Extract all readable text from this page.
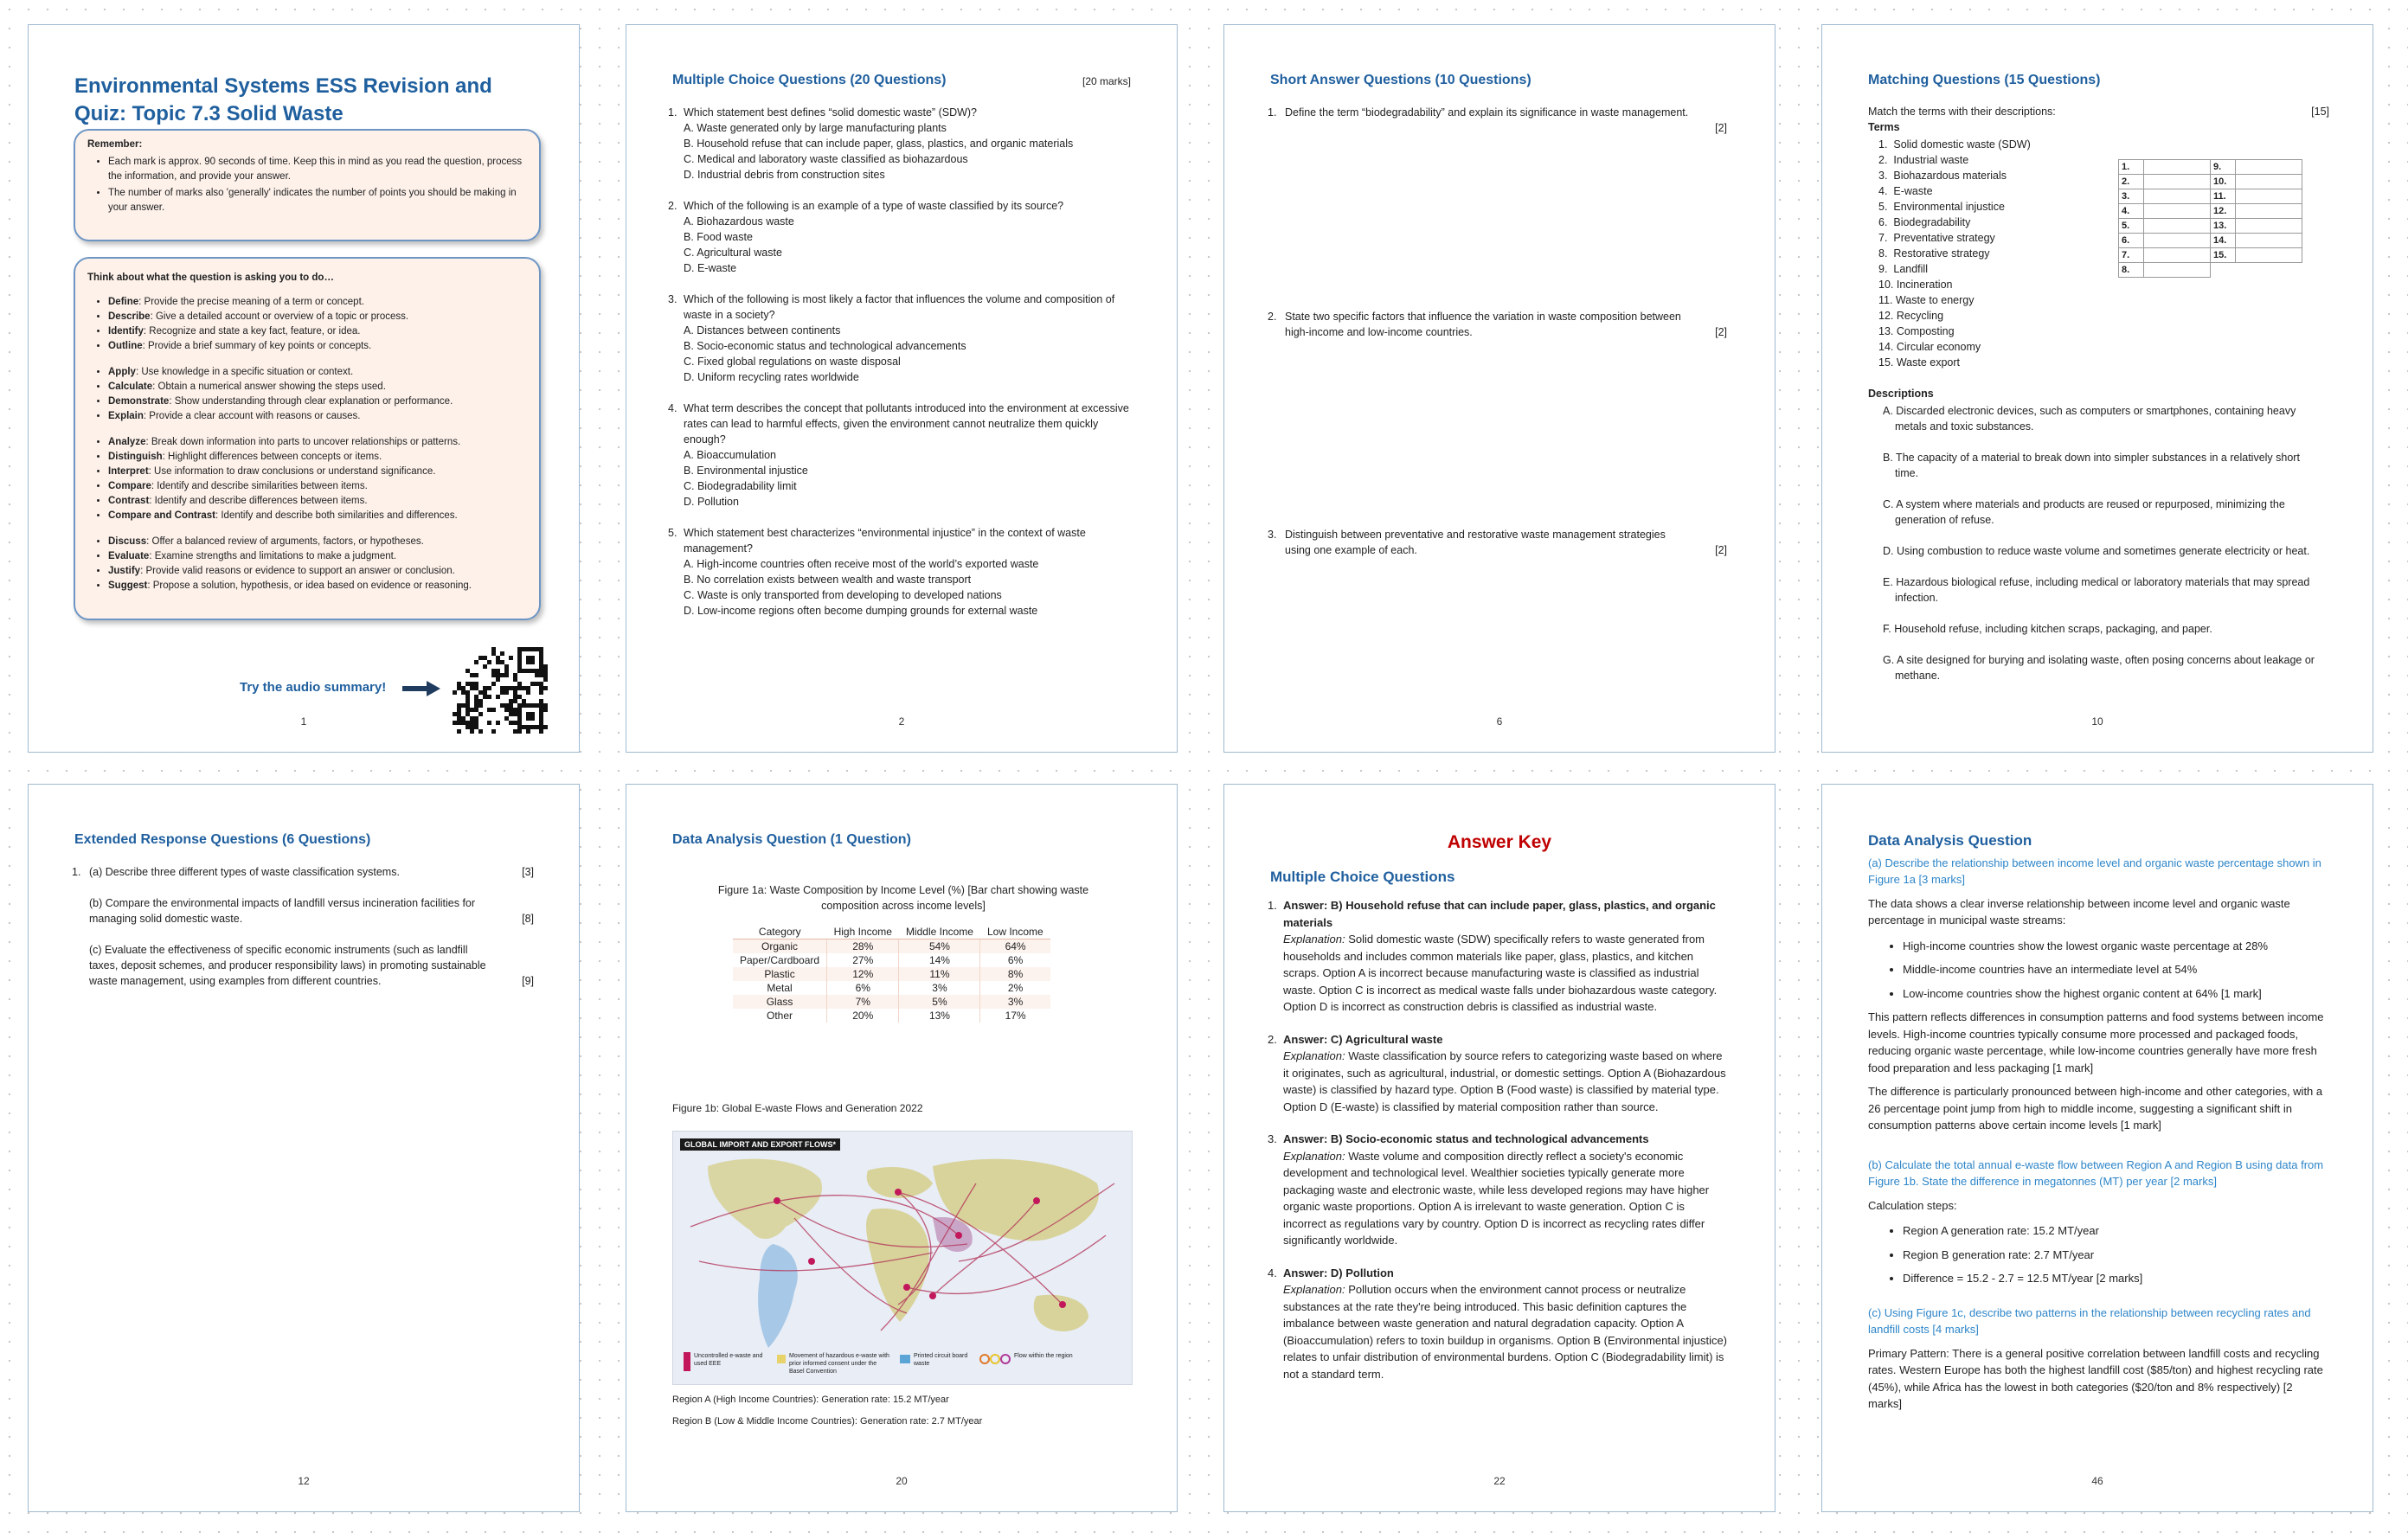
Environmental Systems ESS Revision and Quiz: Topic 7.3 Solid Waste
Remember:
• Each mark is approx. 90 seconds of time. Keep this in mind as you read the question, process the information, and provide your answer.
• The number of marks also 'generally' indicates the number of points you should be making in your answer.
Think about what the question is asking you to do…
• Define: Provide the precise meaning of a term or concept.
• Describe: Give a detailed account or overview of a topic or process.
• Identify: Recognize and state a key fact, feature, or idea.
• Outline: Provide a brief summary of key points or concepts.
• Apply: Use knowledge in a specific situation or context.
• Calculate: Obtain a numerical answer showing the steps used.
• Demonstrate: Show understanding through clear explanation or performance.
• Explain: Provide a clear account with reasons or causes.
• Analyze: Break down information into parts to uncover relationships or patterns.
• Distinguish: Highlight differences between concepts or items.
• Interpret: Use information to draw conclusions or understand significance.
• Compare: Identify and describe similarities between items.
• Contrast: Identify and describe differences between items.
• Compare and Contrast: Identify and describe both similarities and differences.
• Discuss: Offer a balanced review of arguments, factors, or hypotheses.
• Evaluate: Examine strengths and limitations to make a judgment.
• Justify: Provide valid reasons or evidence to support an answer or conclusion.
• Suggest: Propose a solution, hypothesis, or idea based on evidence or reasoning.
Try the audio summary!
1
Multiple Choice Questions (20 Questions)	[20 marks]
1. Which statement best defines “solid domestic waste” (SDW)?
A. Waste generated only by large manufacturing plants
B. Household refuse that can include paper, glass, plastics, and organic materials
C. Medical and laboratory waste classified as biohazardous
D. Industrial debris from construction sites
2. Which of the following is an example of a type of waste classified by its source?
A. Biohazardous waste
B. Food waste
C. Agricultural waste
D. E-waste
3. Which of the following is most likely a factor that influences the volume and composition of waste in a society?
A. Distances between continents
B. Socio-economic status and technological advancements
C. Fixed global regulations on waste disposal
D. Uniform recycling rates worldwide
4. What term describes the concept that pollutants introduced into the environment at excessive rates can lead to harmful effects, given the environment cannot neutralize them quickly enough?
A. Bioaccumulation
B. Environmental injustice
C. Biodegradability limit
D. Pollution
5. Which statement best characterizes “environmental injustice” in the context of waste management?
A. High-income countries often receive most of the world’s exported waste
B. No correlation exists between wealth and waste transport
C. Waste is only transported from developing to developed nations
D. Low-income regions often become dumping grounds for external waste
2
Short Answer Questions (10 Questions)
1. Define the term “biodegradability” and explain its significance in waste management.
[2]
2. State two specific factors that influence the variation in waste composition between high-income and low-income countries.	[2]
3. Distinguish between preventative and restorative waste management strategies using one example of each.	[2]
6
Matching Questions (15 Questions)
Match the terms with their descriptions:	[15]
Terms
1.  Solid domestic waste (SDW)
2.  Industrial waste
3.  Biohazardous materials
4.  E-waste
5.  Environmental injustice
6.  Biodegradability
7.  Preventative strategy
8.  Restorative strategy
9.  Landfill
10. Incineration
11. Waste to energy
12. Recycling
13. Composting
14. Circular economy
15. Waste export
1.		9.	
2.		10.	
3.		11.	
4.		12.	
5.		13.	
6.		14.	
7.		15.	
8.			
Descriptions
A. Discarded electronic devices, such as computers or smartphones, containing heavy metals and toxic substances.
B. The capacity of a material to break down into simpler substances in a relatively short time.
C. A system where materials and products are reused or repurposed, minimizing the generation of refuse.
D. Using combustion to reduce waste volume and sometimes generate electricity or heat.
E. Hazardous biological refuse, including medical or laboratory materials that may spread infection.
F. Household refuse, including kitchen scraps, packaging, and paper.
G. A site designed for burying and isolating waste, often posing concerns about leakage or methane.
10
Extended Response Questions (6 Questions)
1. (a) Describe three different types of waste classification systems.	[3]
(b) Compare the environmental impacts of landfill versus incineration facilities for managing solid domestic waste.	[8]
(c) Evaluate the effectiveness of specific economic instruments (such as landfill taxes, deposit schemes, and producer responsibility laws) in promoting sustainable waste management, using examples from different countries.	[9]
12
Data Analysis Question (1 Question)
Figure 1a: Waste Composition by Income Level (%) [Bar chart showing waste composition across income levels]
Category	High Income	Middle Income	Low Income
Organic	28%	54%	64%
Paper/Cardboard	27%	14%	6%
Plastic	12%	11%	8%
Metal	6%	3%	2%
Glass	7%	5%	3%
Other	20%	13%	17%
Figure 1b: Global E-waste Flows and Generation 2022
GLOBAL IMPORT AND EXPORT FLOWS*
Uncontrolled e-waste and used EEE
Movement of hazardous e-waste with prior informed consent under the Basel Convention
Printed circuit board waste
Flow within the region
Region A (High Income Countries): Generation rate: 15.2 MT/year
Region B (Low & Middle Income Countries): Generation rate: 2.7 MT/year
20
Answer Key
Multiple Choice Questions
1. Answer: B) Household refuse that can include paper, glass, plastics, and organic materials
Explanation: Solid domestic waste (SDW) specifically refers to waste generated from households and includes common materials like paper, glass, plastics, and kitchen scraps. Option A is incorrect because manufacturing waste is classified as industrial waste. Option C is incorrect as medical waste falls under biohazardous waste category. Option D is incorrect as construction debris is classified as industrial waste.
2. Answer: C) Agricultural waste
Explanation: Waste classification by source refers to categorizing waste based on where it originates, such as agricultural, industrial, or domestic settings. Option A (Biohazardous waste) is classified by hazard type. Option B (Food waste) is classified by material type. Option D (E-waste) is classified by material composition rather than source.
3. Answer: B) Socio-economic status and technological advancements
Explanation: Waste volume and composition directly reflect a society's economic development and technological level. Wealthier societies typically generate more packaging waste and electronic waste, while less developed regions may have higher organic waste proportions. Option A is irrelevant to waste generation. Option C is incorrect as regulations vary by country. Option D is incorrect as recycling rates differ significantly worldwide.
4. Answer: D) Pollution
Explanation: Pollution occurs when the environment cannot process or neutralize substances at the rate they're being introduced. This basic definition captures the imbalance between waste generation and natural degradation capacity. Option A (Bioaccumulation) refers to toxin buildup in organisms. Option B (Environmental injustice) relates to unfair distribution of environmental burdens. Option C (Biodegradability limit) is not a standard term.
22
Data Analysis Question
(a) Describe the relationship between income level and organic waste percentage shown in Figure 1a [3 marks]
The data shows a clear inverse relationship between income level and organic waste percentage in municipal waste streams:
• High-income countries show the lowest organic waste percentage at 28%
• Middle-income countries have an intermediate level at 54%
• Low-income countries show the highest organic content at 64% [1 mark]
This pattern reflects differences in consumption patterns and food systems between income levels. High-income countries typically consume more processed and packaged foods, reducing organic waste percentage, while low-income countries generally have more fresh food preparation and less packaging [1 mark]
The difference is particularly pronounced between high-income and other categories, with a 26 percentage point jump from high to middle income, suggesting a significant shift in consumption patterns above certain income levels [1 mark]
(b) Calculate the total annual e-waste flow between Region A and Region B using data from Figure 1b. State the difference in megatonnes (MT) per year [2 marks]
Calculation steps:
• Region A generation rate: 15.2 MT/year
• Region B generation rate: 2.7 MT/year
• Difference = 15.2 - 2.7 = 12.5 MT/year [2 marks]
(c) Using Figure 1c, describe two patterns in the relationship between recycling rates and landfill costs [4 marks]
Primary Pattern: There is a general positive correlation between landfill costs and recycling rates. Western Europe has both the highest landfill cost ($85/ton) and highest recycling rate (45%), while Africa has the lowest in both categories ($20/ton and 8% respectively) [2 marks]
46
